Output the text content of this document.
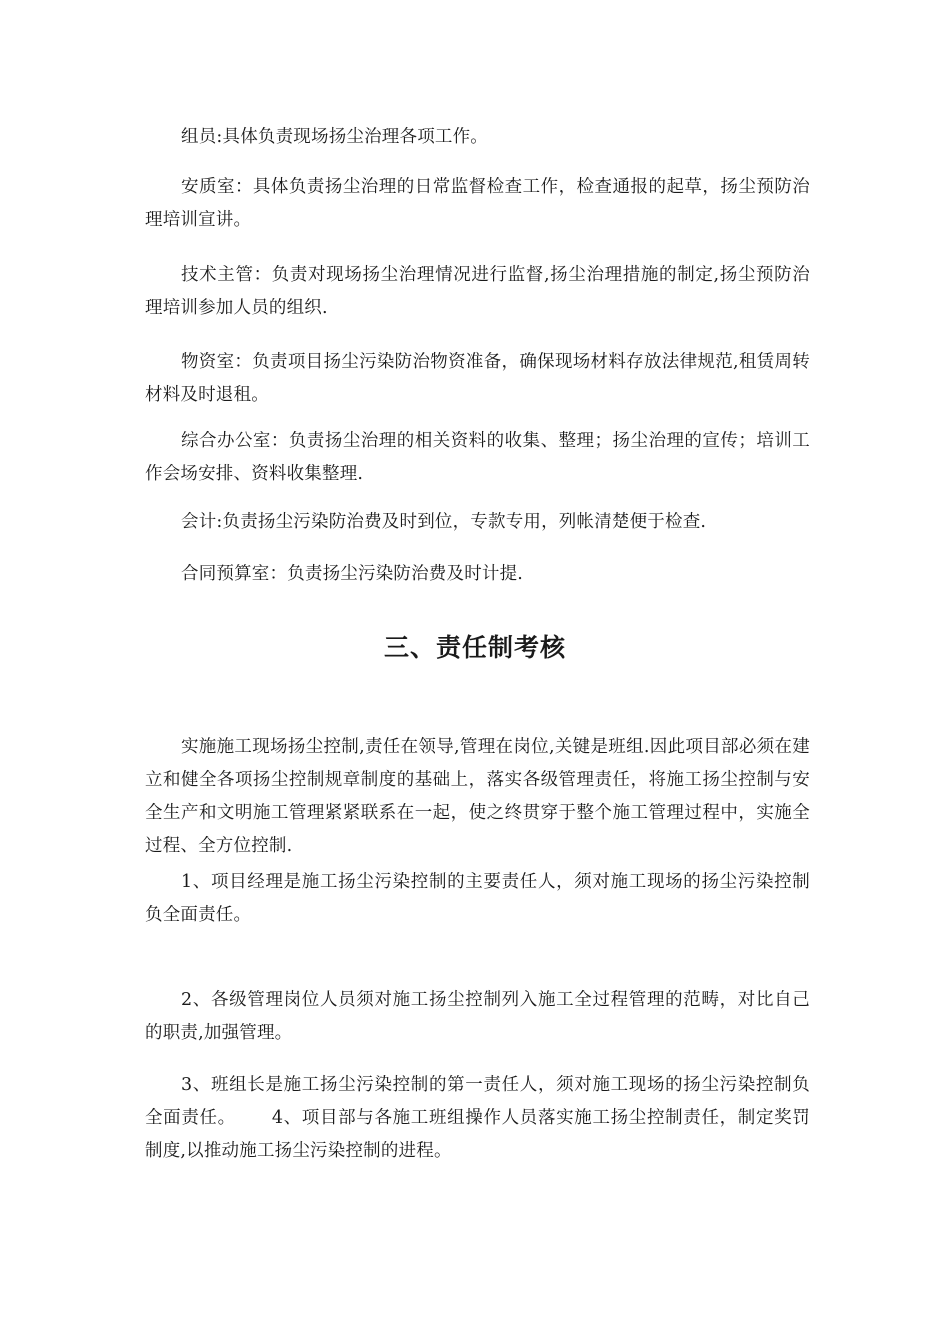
组员:具体负责现场扬尘治理各项工作。

安质室：具体负责扬尘治理的日常监督检查工作，检查通报的起草，扬尘预防治理培训宣讲。

技术主管：负责对现场扬尘治理情况进行监督,扬尘治理措施的制定,扬尘预防治理培训参加人员的组织.

物资室：负责项目扬尘污染防治物资准备，确保现场材料存放法律规范,租赁周转材料及时退租。

综合办公室：负责扬尘治理的相关资料的收集、整理；扬尘治理的宣传；培训工作会场安排、资料收集整理.

会计:负责扬尘污染防治费及时到位，专款专用，列帐清楚便于检查.

合同预算室：负责扬尘污染防治费及时计提.

三、责任制考核

实施施工现场扬尘控制,责任在领导,管理在岗位,关键是班组.因此项目部必须在建立和健全各项扬尘控制规章制度的基础上，落实各级管理责任，将施工扬尘控制与安全生产和文明施工管理紧紧联系在一起，使之终贯穿于整个施工管理过程中，实施全过程、全方位控制.

1、项目经理是施工扬尘污染控制的主要责任人，须对施工现场的扬尘污染控制负全面责任。

2、各级管理岗位人员须对施工扬尘控制列入施工全过程管理的范畴，对比自己的职责,加强管理。

3、班组长是施工扬尘污染控制的第一责任人，须对施工现场的扬尘污染控制负全面责任。 4、项目部与各施工班组操作人员落实施工扬尘控制责任，制定奖罚制度,以推动施工扬尘污染控制的进程。
